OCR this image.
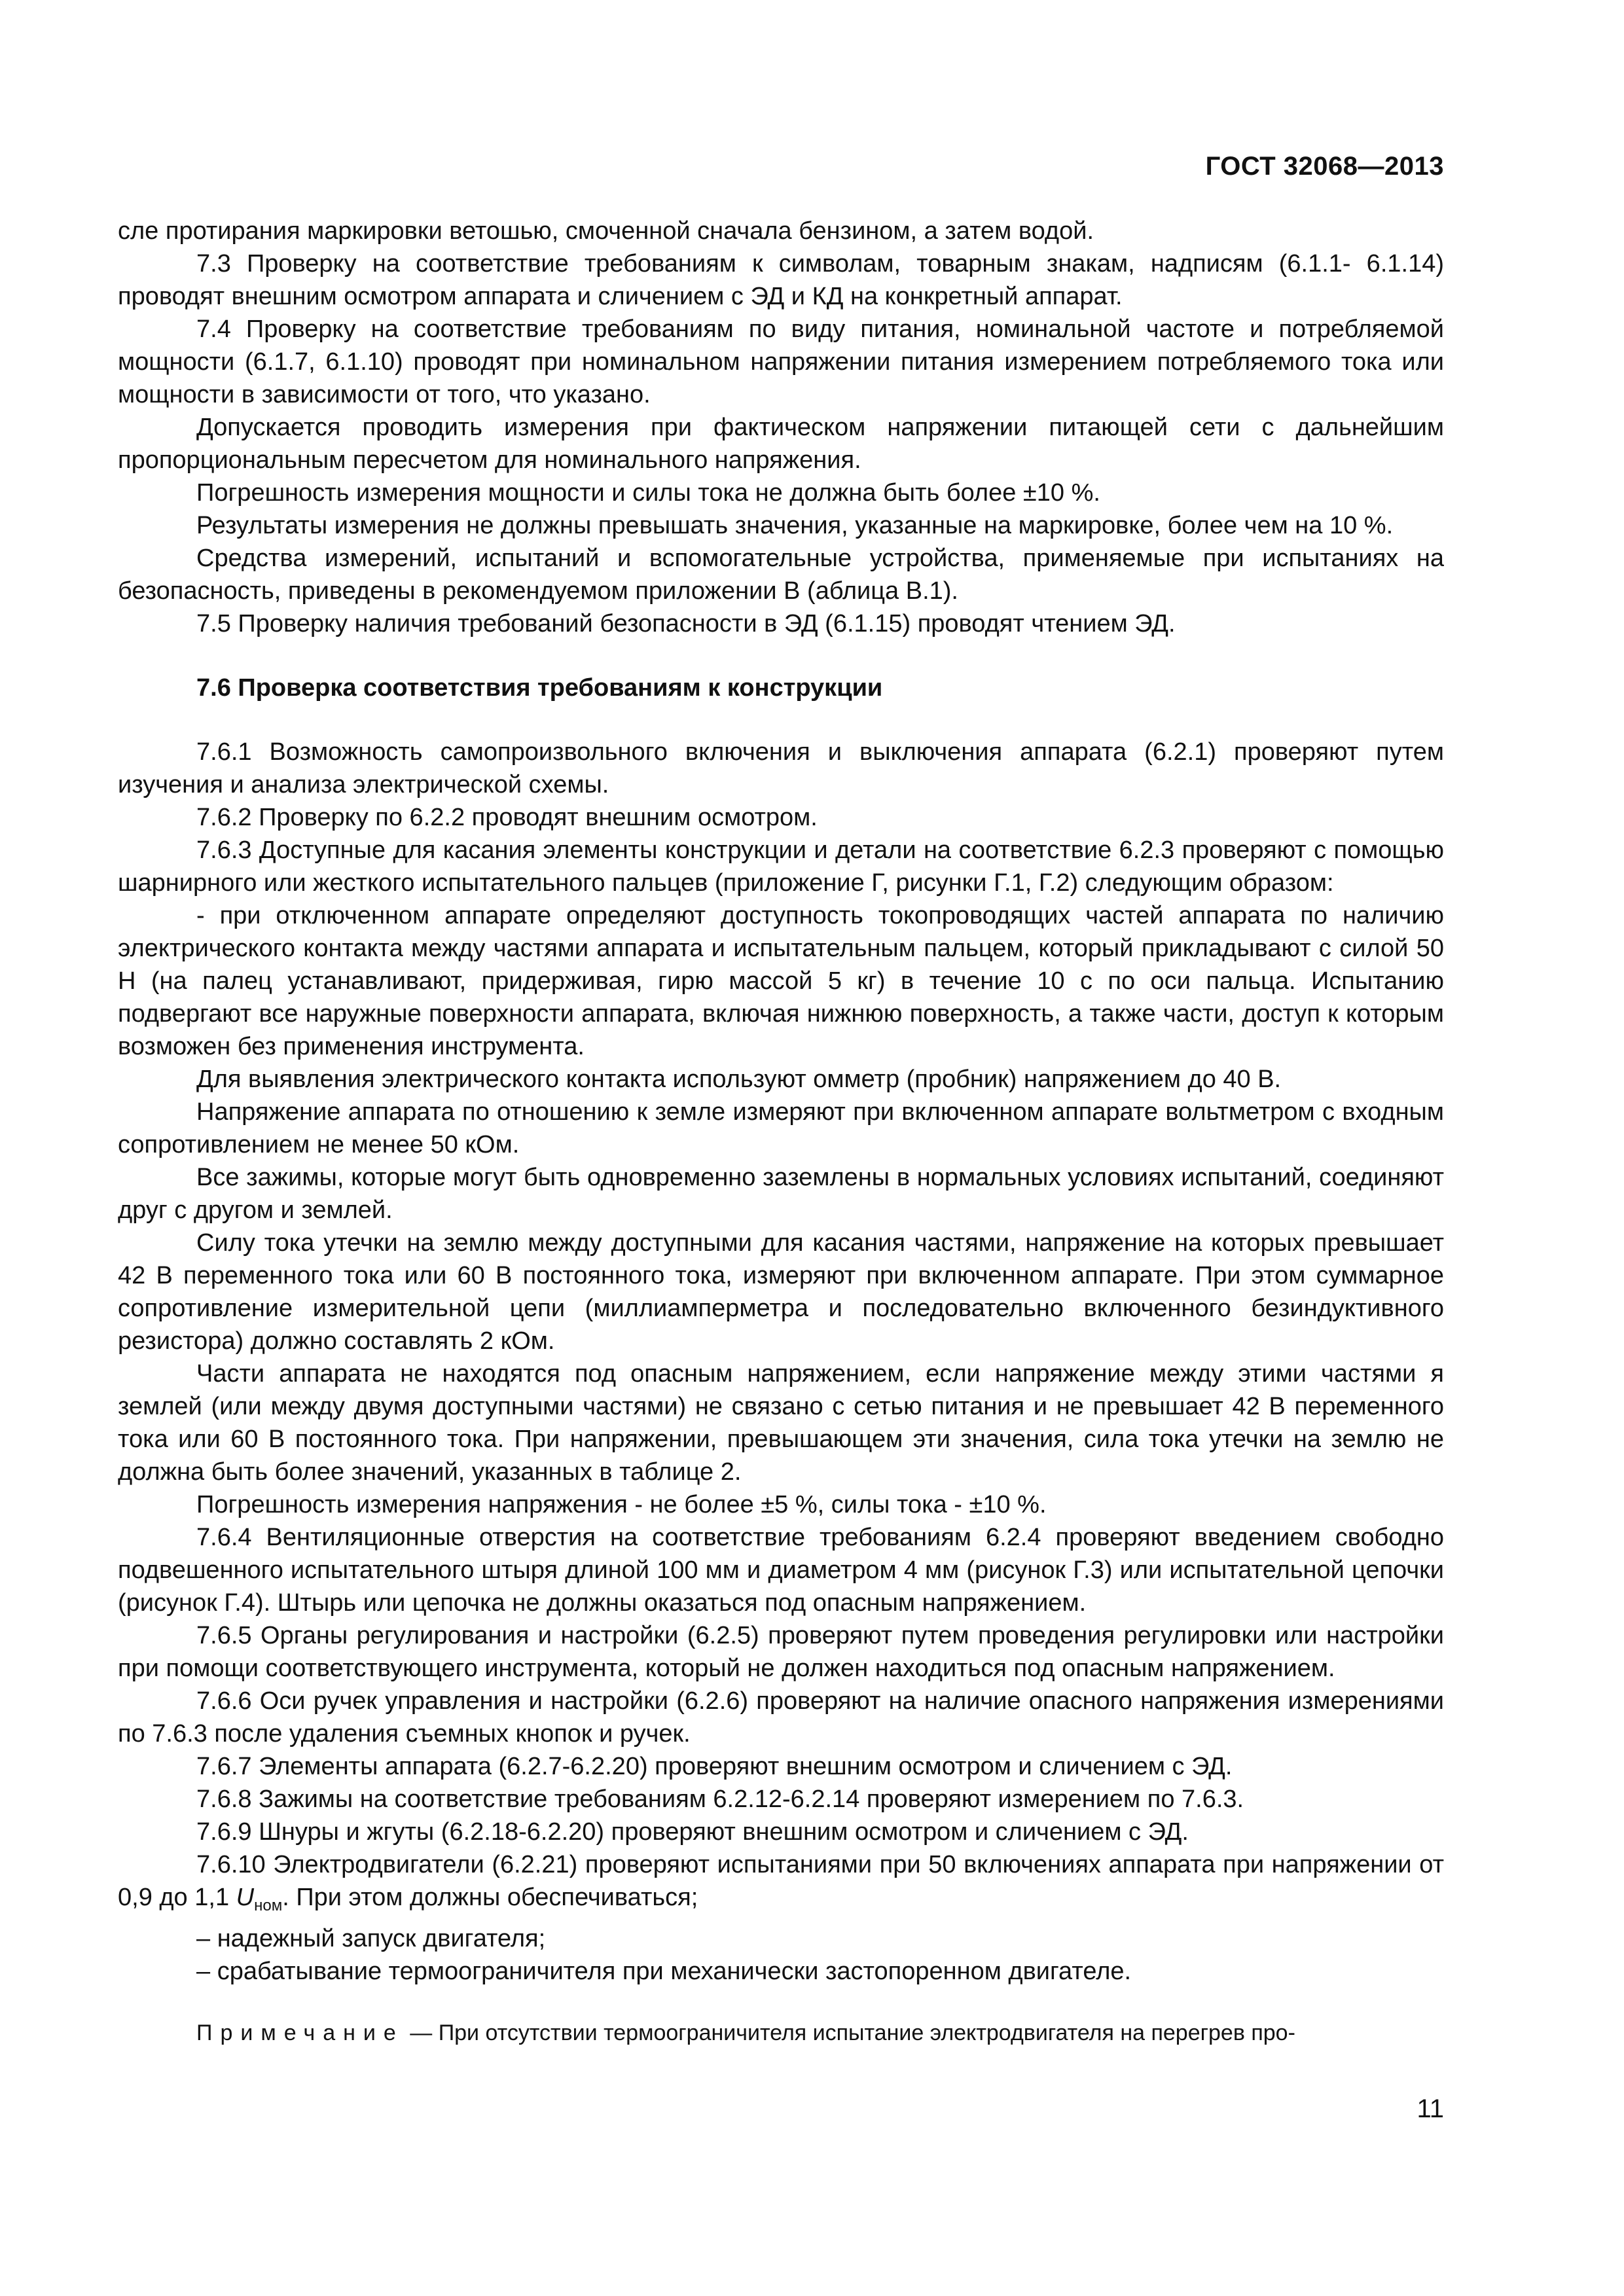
ГОСТ 32068—2013

сле протирания маркировки ветошью, смоченной сначала бензином, а затем водой.

7.3 Проверку на соответствие требованиям к символам, товарным знакам, надписям (6.1.1- 6.1.14) проводят внешним осмотром аппарата и сличением с ЭД и КД на конкретный аппарат.

7.4 Проверку на соответствие требованиям по виду питания, номинальной частоте и потребляемой мощности (6.1.7, 6.1.10) проводят при номинальном напряжении питания измерением потребляемого тока или мощности в зависимости от того, что указано.

Допускается проводить измерения при фактическом напряжении питающей сети с дальнейшим пропорциональным пересчетом для номинального напряжения.

Погрешность измерения мощности и силы тока не должна быть более ±10 %.

Результаты измерения не должны превышать значения, указанные на маркировке, более чем на 10 %.

Средства измерений, испытаний и вспомогательные устройства, применяемые при испытаниях на безопасность, приведены в рекомендуемом приложении В (аблица В.1).

7.5 Проверку наличия требований безопасности в ЭД (6.1.15) проводят чтением ЭД.

7.6 Проверка соответствия требованиям к конструкции

7.6.1 Возможность самопроизвольного включения и выключения аппарата (6.2.1) проверяют путем изучения и анализа электрической схемы.

7.6.2 Проверку по 6.2.2 проводят внешним осмотром.

7.6.3 Доступные для касания элементы конструкции и детали на соответствие 6.2.3 проверяют с помощью шарнирного или жесткого испытательного пальцев (приложение Г, рисунки Г.1, Г.2) следующим образом:

- при отключенном аппарате определяют доступность токопроводящих частей аппарата по наличию электрического контакта между частями аппарата и испытательным пальцем, который прикладывают с силой 50 Н (на палец устанавливают, придерживая, гирю массой 5 кг) в течение 10 с по оси пальца. Испытанию подвергают все наружные поверхности аппарата, включая нижнюю поверхность, а также части, доступ к которым возможен без применения инструмента.

Для выявления электрического контакта используют омметр (пробник) напряжением до 40 В.

Напряжение аппарата по отношению к земле измеряют при включенном аппарате вольтметром с входным сопротивлением не менее 50 кОм.

Все зажимы, которые могут быть одновременно заземлены в нормальных условиях испытаний, соединяют друг с другом и землей.

Силу тока утечки на землю между доступными для касания частями, напряжение на которых превышает 42 В переменного тока или 60 В постоянного тока, измеряют при включенном аппарате. При этом суммарное сопротивление измерительной цепи (миллиамперметра и последовательно включенного безиндуктивного резистора) должно составлять 2 кОм.

Части аппарата не находятся под опасным напряжением, если напряжение между этими частями я землей (или между двумя доступными частями) не связано с сетью питания и не превышает 42 В переменного тока или 60 В постоянного тока. При напряжении, превышающем эти значения, сила тока утечки на землю не должна быть более значений, указанных в таблице 2.

Погрешность измерения напряжения - не более ±5 %, силы тока - ±10 %.

7.6.4 Вентиляционные отверстия на соответствие требованиям 6.2.4 проверяют введением свободно подвешенного испытательного штыря длиной 100 мм и диаметром 4 мм (рисунок Г.3) или испытательной цепочки (рисунок Г.4). Штырь или цепочка не должны оказаться под опасным напряжением.

7.6.5 Органы регулирования и настройки (6.2.5) проверяют путем проведения регулировки или настройки при помощи соответствующего инструмента, который не должен находиться под опасным напряжением.

7.6.6 Оси ручек управления и настройки (6.2.6) проверяют на наличие опасного напряжения измерениями по 7.6.3 после удаления съемных кнопок и ручек.

7.6.7 Элементы аппарата (6.2.7-6.2.20) проверяют внешним осмотром и сличением с ЭД.

7.6.8 Зажимы на соответствие требованиям 6.2.12-6.2.14 проверяют измерением по 7.6.3.

7.6.9 Шнуры и жгуты (6.2.18-6.2.20) проверяют внешним осмотром и сличением с ЭД.

7.6.10 Электродвигатели (6.2.21) проверяют испытаниями при 50 включениях аппарата при напряжении от 0,9 до 1,1 $U_{ном}$. При этом должны обеспечиваться;

– надежный запуск двигателя;

– срабатывание термоограничителя при механически застопоренном двигателе.

Примечание — При отсутствии термоограничителя испытание электродвигателя на перегрев про-
11
